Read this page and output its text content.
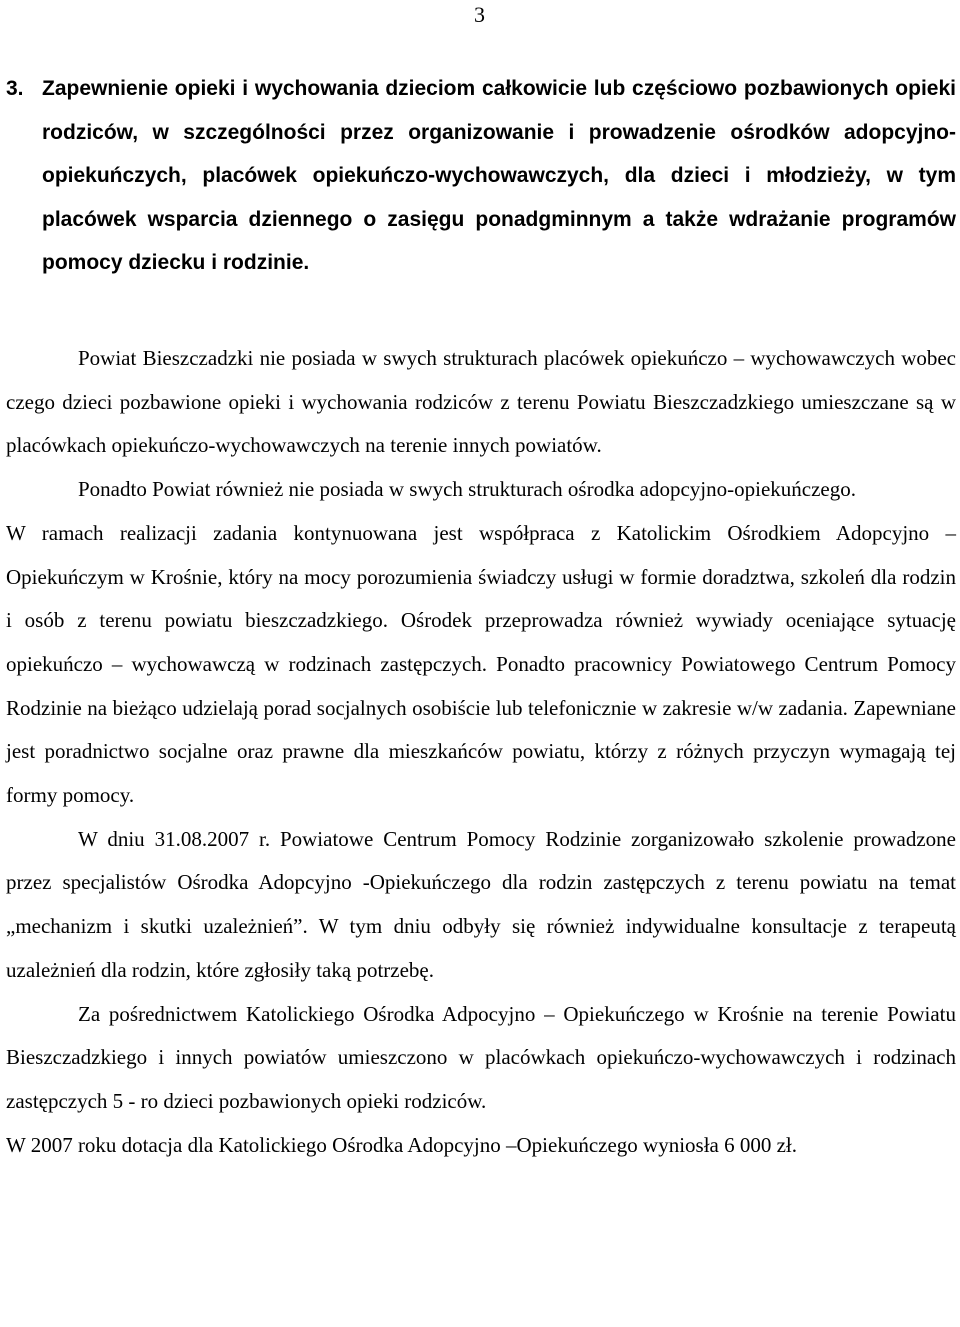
3
3. Zapewnienie opieki i wychowania dzieciom całkowicie lub częściowo pozbawionych opieki rodziców, w szczególności przez organizowanie i prowadzenie ośrodków adopcyjno-opiekuńczych, placówek opiekuńczo-wychowawczych, dla dzieci i młodzieży, w tym placówek wsparcia dziennego o zasięgu ponadgminnym a także wdrażanie programów pomocy dziecku i rodzinie.

Powiat Bieszczadzki nie posiada w swych strukturach placówek opiekuńczo – wychowawczych wobec czego dzieci pozbawione opieki i wychowania rodziców z terenu Powiatu Bieszczadzkiego umieszczane są w placówkach opiekuńczo-wychowawczych na terenie innych powiatów.

Ponadto Powiat również nie posiada w swych strukturach ośrodka adopcyjno-opiekuńczego.

W ramach realizacji zadania kontynuowana jest współpraca z Katolickim Ośrodkiem Adopcyjno – Opiekuńczym w Krośnie, który na mocy porozumienia świadczy usługi w formie doradztwa, szkoleń dla rodzin i osób z terenu powiatu bieszczadzkiego. Ośrodek przeprowadza również wywiady oceniające sytuację opiekuńczo – wychowawczą w rodzinach zastępczych. Ponadto pracownicy Powiatowego Centrum Pomocy Rodzinie na bieżąco udzielają porad socjalnych osobiście lub telefonicznie w zakresie w/w zadania. Zapewniane jest poradnictwo socjalne oraz prawne dla mieszkańców powiatu, którzy z różnych przyczyn wymagają tej formy pomocy.

W dniu 31.08.2007 r. Powiatowe Centrum Pomocy Rodzinie zorganizowało szkolenie prowadzone przez specjalistów Ośrodka Adopcyjno -Opiekuńczego dla rodzin zastępczych z terenu powiatu na temat „mechanizm i skutki uzależnień”. W tym dniu odbyły się również indywidualne konsultacje z terapeutą uzależnień dla rodzin, które zgłosiły taką potrzebę.

Za pośrednictwem Katolickiego Ośrodka Adpocyjno – Opiekuńczego w Krośnie na terenie Powiatu Bieszczadzkiego i innych powiatów umieszczono w placówkach opiekuńczo-wychowawczych i rodzinach zastępczych 5 - ro dzieci pozbawionych opieki rodziców.

W 2007 roku dotacja dla Katolickiego Ośrodka Adopcyjno –Opiekuńczego wyniosła 6 000 zł.
